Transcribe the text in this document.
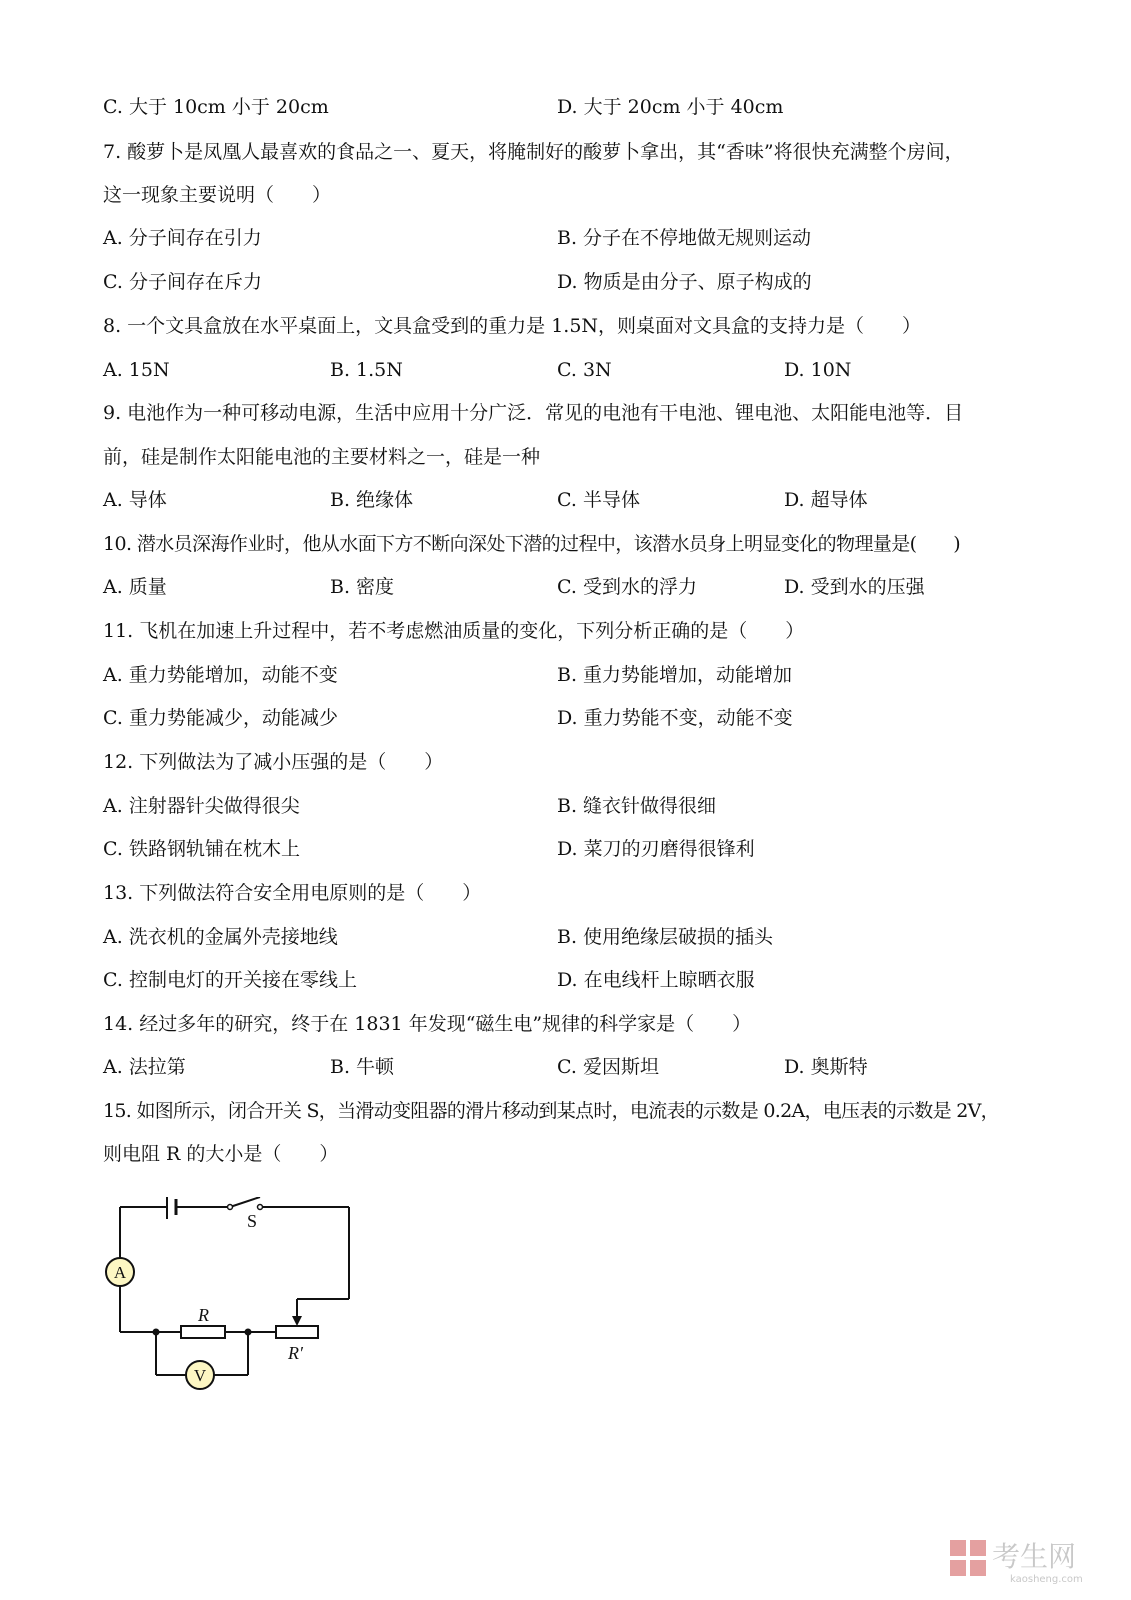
C. 大于 10cm 小于 20cm	D. 大于 20cm 小于 40cm
7. 酸萝卜是凤凰人最喜欢的食品之一、夏天，将腌制好的酸萝卜拿出，其“香味”将很快充满整个房间，
这一现象主要说明（　　）
A. 分子间存在引力	B. 分子在不停地做无规则运动
C. 分子间存在斥力	D. 物质是由分子、原子构成的
8. 一个文具盒放在水平桌面上，文具盒受到的重力是 1.5N，则桌面对文具盒的支持力是（　　）
A. 15N	B. 1.5N	C. 3N	D. 10N
9. 电池作为一种可移动电源，生活中应用十分广泛．常见的电池有干电池、锂电池、太阳能电池等．目
前，硅是制作太阳能电池的主要材料之一，硅是一种
A. 导体	B. 绝缘体	C. 半导体	D. 超导体
10. 潜水员深海作业时，他从水面下方不断向深处下潜的过程中，该潜水员身上明显变化的物理量是(　　)
A. 质量	B. 密度	C. 受到水的浮力	D. 受到水的压强
11. 飞机在加速上升过程中，若不考虑燃油质量的变化，下列分析正确的是（　　）
A. 重力势能增加，动能不变	B. 重力势能增加，动能增加
C. 重力势能减少，动能减少	D. 重力势能不变，动能不变
12. 下列做法为了减小压强的是（　　）
A. 注射器针尖做得很尖	B. 缝衣针做得很细
C. 铁路钢轨铺在枕木上	D. 菜刀的刃磨得很锋利
13. 下列做法符合安全用电原则的是（　　）
A. 洗衣机的金属外壳接地线	B. 使用绝缘层破损的插头
C. 控制电灯的开关接在零线上	D. 在电线杆上晾晒衣服
14. 经过多年的研究，终于在 1831 年发现“磁生电”规律的科学家是（　　）
A. 法拉第	B. 牛顿	C. 爱因斯坦	D. 奥斯特
15. 如图所示，闭合开关 S，当滑动变阻器的滑片移动到某点时，电流表的示数是 0.2A，电压表的示数是 2V，
则电阻 R 的大小是（　　）
A
V
S
R
R′
考生网
kaosheng.com
